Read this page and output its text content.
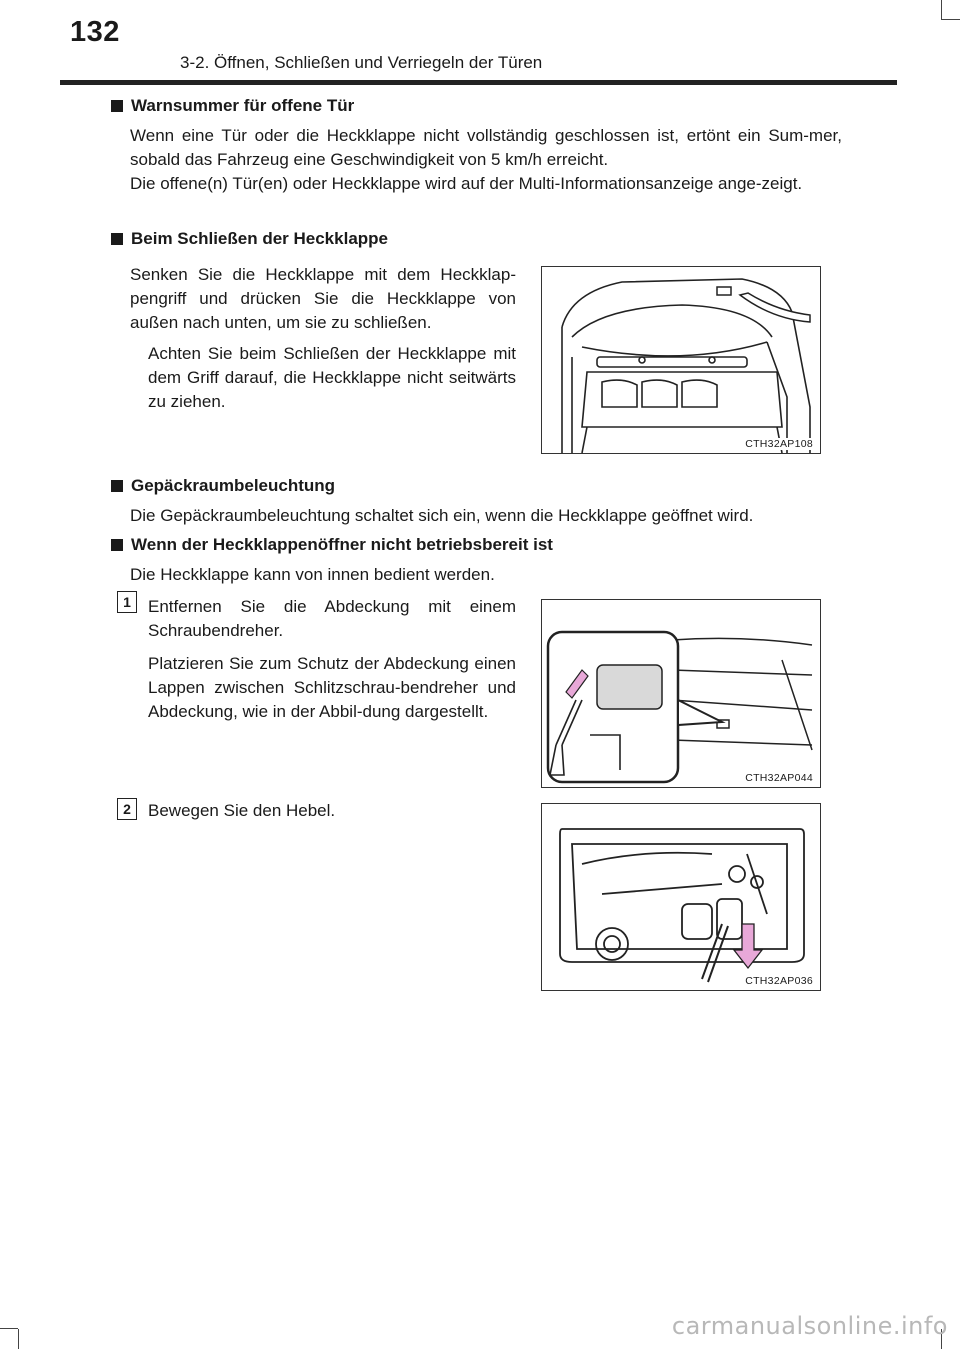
132
3-2. Öffnen, Schließen und Verriegeln der Türen
Warnsummer für offene Tür
Wenn eine Tür oder die Heckklappe nicht vollständig geschlossen ist, ertönt ein Sum-mer, sobald das Fahrzeug eine Geschwindigkeit von 5 km/h erreicht.
Die offene(n) Tür(en) oder Heckklappe wird auf der Multi-Informationsanzeige ange-zeigt.
Beim Schließen der Heckklappe
Senken Sie die Heckklappe mit dem Heckklap-pengriff und drücken Sie die Heckklappe von außen nach unten, um sie zu schließen.
Achten Sie beim Schließen der Heckklappe mit dem Griff darauf, die Heckklappe nicht seitwärts zu ziehen.
CTH32AP108
Gepäckraumbeleuchtung
Die Gepäckraumbeleuchtung schaltet sich ein, wenn die Heckklappe geöffnet wird.
Wenn der Heckklappenöffner nicht betriebsbereit ist
Die Heckklappe kann von innen bedient werden.
1	Entfernen Sie die Abdeckung mit einem Schraubendreher.
Platzieren Sie zum Schutz der Abdeckung einen Lappen zwischen Schlitzschrau-bendreher und Abdeckung, wie in der Abbil-dung dargestellt.
CTH32AP044
2	Bewegen Sie den Hebel.
CTH32AP036
carmanualsonline.info
